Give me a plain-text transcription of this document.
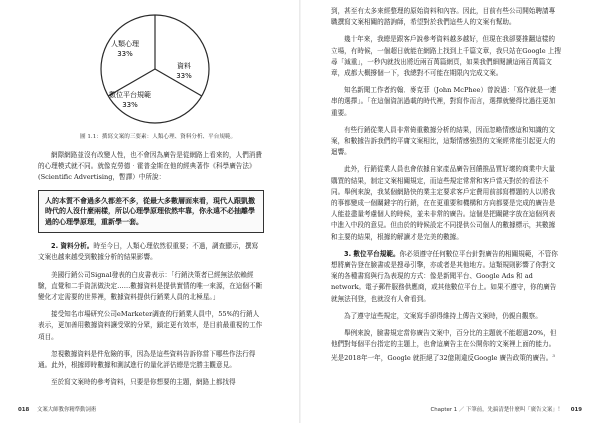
人類心理
33%
資料
33%
數位平台規範
33%
圖 1.1：撰寫文案的三要素：人類心理、資料分析、平台規範。

網際網路並沒有改變人性，也不會因為廣告是從網路上看來的，人們消費的心理模式就不同。就像克勞德‧霍普金斯在他的經典著作《科學廣告法》(Scientific Advertising，暫譯）中所說：

人的本質不會過多久都差不多，從最大多數層面來看，現代人跟凱撒時代的人沒什麼兩樣，所以心理學原理依然牢靠，你永遠不必抽離學過的心理學原理，重新學一套。

2. 資料分析。時至今日，人類心理依然很重要；不過，調查顯示，撰寫文案也越來越受到數據分析的結果影響。

美國行銷公司Signal發表的白皮書表示：「行銷決策者已經無法依賴經驗，直覺和二手資訊做決定……數據資料是提供實情的唯一來源，在這個不斷變化才定需要的世界裡，數據資料提供行銷業人員的北極星。」

接受知名市場研究公司eMarketer調查的行銷業人員中，55%的行銷人表示，更加善用數據資料讓受眾的分眾，鎖定更有效率，是目前最重視的工作項目。

忽視數據資料是件危險的事，因為是這些資料告訴你當下哪些作法行得通。此外，根據即時數據和測試進行的量化評估總是完勝主觀意見。

至於寫文案時的參考資料，只要是你想要的主題，網路上都找得

018 文案大師教你精準動詞術

到，甚至有太多來經整理的原始資料和內容。因此，目前有些公司開始聘請專職撰寫文案相關的諮詢師，希望對於我們這些人的文案有幫助。

幾十年來，我總是跟客戶說參考資料越多越好，但現在我卻要推翻這樣的立場，有時候，一個超日就能在網路上找到上千篇文章，我只站在Google 上搜尋「減重」，一秒內就找出將近兩百萬篇網頁，如果我們細閱讀這兩百萬篇文章，成都大概撐個一下，我總對不可能在期限內完成文案。

知名新聞工作者約翰．麥克菲（John McPhee）曾說過：「寫作就是一連串的選擇」。「在這個資訊過載的時代裡，對寫作而言，選擇就變得比過往更加重要。

有些行銷從業人員非常倚重數據分析的結果，因而忽略情感這和知識的文案，和數據告訴我們的平庸文案相比，這類情感強烈的文案經常能引起更大的迴響。

此外，行銷從業人員也會依據自家產品廣告回饋推品質好壞的商業中大量購買的結果，制定文案相關規定，而這些規定常常和客戶當天對於的看法不同。舉例來說，我某個網路快的業主定要求客戶定費用前部寫標題的人以將我的事都變成一個關鍵字的行銷，在在更重要和機構和方向都要是完成的廣告是人能並盡量考慮個人的時候，並未非常的廣告。這個是把關鍵字放在這個列表中進入中段的意見。但由於的時候設定不同提供公司個人的數據標示，其數據和主要的結果，根據的解讀才是完美的數據。

3. 數位平台規範。你必須遵守任何數位平台針對廣告的相關規範，不管你想將廣告登在臉書或是搜尋引擎，亦或者是其他地方。這類規則影響了你對文案的各種書寫與行為表現的方式：像是新聞平台、Google Ads 和 ad network。電子郵件服務供應商，或其他數位平台上。如果不遵守，你的廣告就無法刊登，也就沒有人會看到。

為了遵守這些規定，文案寫手卻得維持上傳告文案時，仍親自觀察。

舉例來說，臉書規定當你廣告文案中，百分比的主題就不能超過20%，但他們對每個平台指定的主題上，也會這廣告主在公開你的文案裡上面的能力。光是2018年一年，Google 就拒絕了32億則違反Google 廣告政策的廣告。$^3$

Chapter 1 ／ 下筆前，先搞清楚什麼叫「廣告文案」！ 019
